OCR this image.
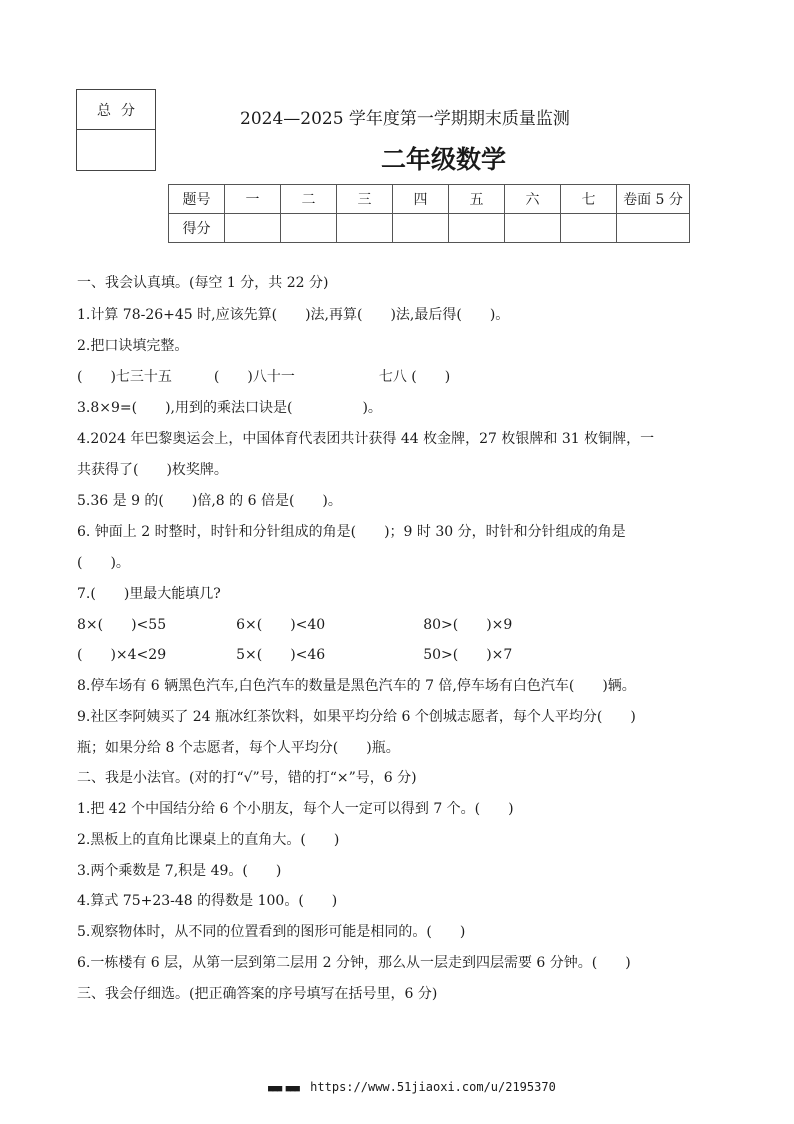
总分	2024—2025 学年度第一学期期末质量监测
二年级数学
题号	一	二	三	四	五	六	七	卷面 5 分
得分								
一、我会认真填。(每空 1 分，共 22 分)
1.计算 78-26+45 时,应该先算(　　)法,再算(　　)法,最后得(　　)。
2.把口诀填完整。
(　　)七三十五　　　(　　)八十一　　　　　　七八 (　　)
3.8×9=(　　),用到的乘法口诀是(　　　　　)。
4.2024 年巴黎奥运会上，中国体育代表团共计获得 44 枚金牌，27 枚银牌和 31 枚铜牌，一
共获得了(　　)枚奖牌。
5.36 是 9 的(　　)倍,8 的 6 倍是(　　)。
6. 钟面上 2 时整时，时针和分针组成的角是(　　)；9 时 30 分，时针和分针组成的角是
(　　)。
7.(　　)里最大能填几?
8×(　　)<55　　　　　6×(　　)<40　　　　　　　80>(　　)×9
(　　)×4<29　　　　　5×(　　)<46　　　　　　　50>(　　)×7
8.停车场有 6 辆黑色汽车,白色汽车的数量是黑色汽车的 7 倍,停车场有白色汽车(　　)辆。
9.社区李阿姨买了 24 瓶冰红茶饮料，如果平均分给 6 个创城志愿者，每个人平均分(　　)
瓶；如果分给 8 个志愿者，每个人平均分(　　)瓶。
二、我是小法官。(对的打“√”号，错的打“×”号，6 分)
1.把 42 个中国结分给 6 个小朋友，每个人一定可以得到 7 个。(　　)
2.黑板上的直角比课桌上的直角大。(　　)
3.两个乘数是 7,积是 49。(　　)
4.算式 75+23-48 的得数是 100。(　　)
5.观察物体时，从不同的位置看到的图形可能是相同的。(　　)
6.一栋楼有 6 层，从第一层到第二层用 2 分钟，那么从一层走到四层需要 6 分钟。(　　)
三、我会仔细选。(把正确答案的序号填写在括号里，6 分)
■■■ ■■■ https://www.51jiaoxi.com/u/2195370
